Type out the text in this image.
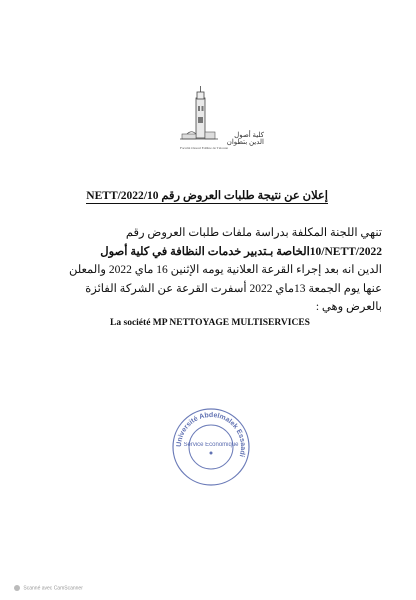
كلية أصول الدين بتطوان
Faculté Ossoul Eddine de Tétouan
إعلان عن نتيجة طلبات العروض رقم 10/NETT/2022
تنهي اللجنة المكلفة بدراسة ملفات طلبات العروض رقم
10/NETT/2022الخاصة بـتدبير خدمات النظافة في كلية أصول
الدين انه بعد إجراء القرعة العلانية يومه الإثنين 16 ماي 2022 والمعلن
عنها يوم الجمعة 13ماي 2022 أسفرت القرعة عن الشركة الفائزة
بالعرض وهي :
La société MP NETTOYAGE MULTISERVICES
Université Abdelmalek Essaadi
Service Economique
Scanné avec CamScanner
